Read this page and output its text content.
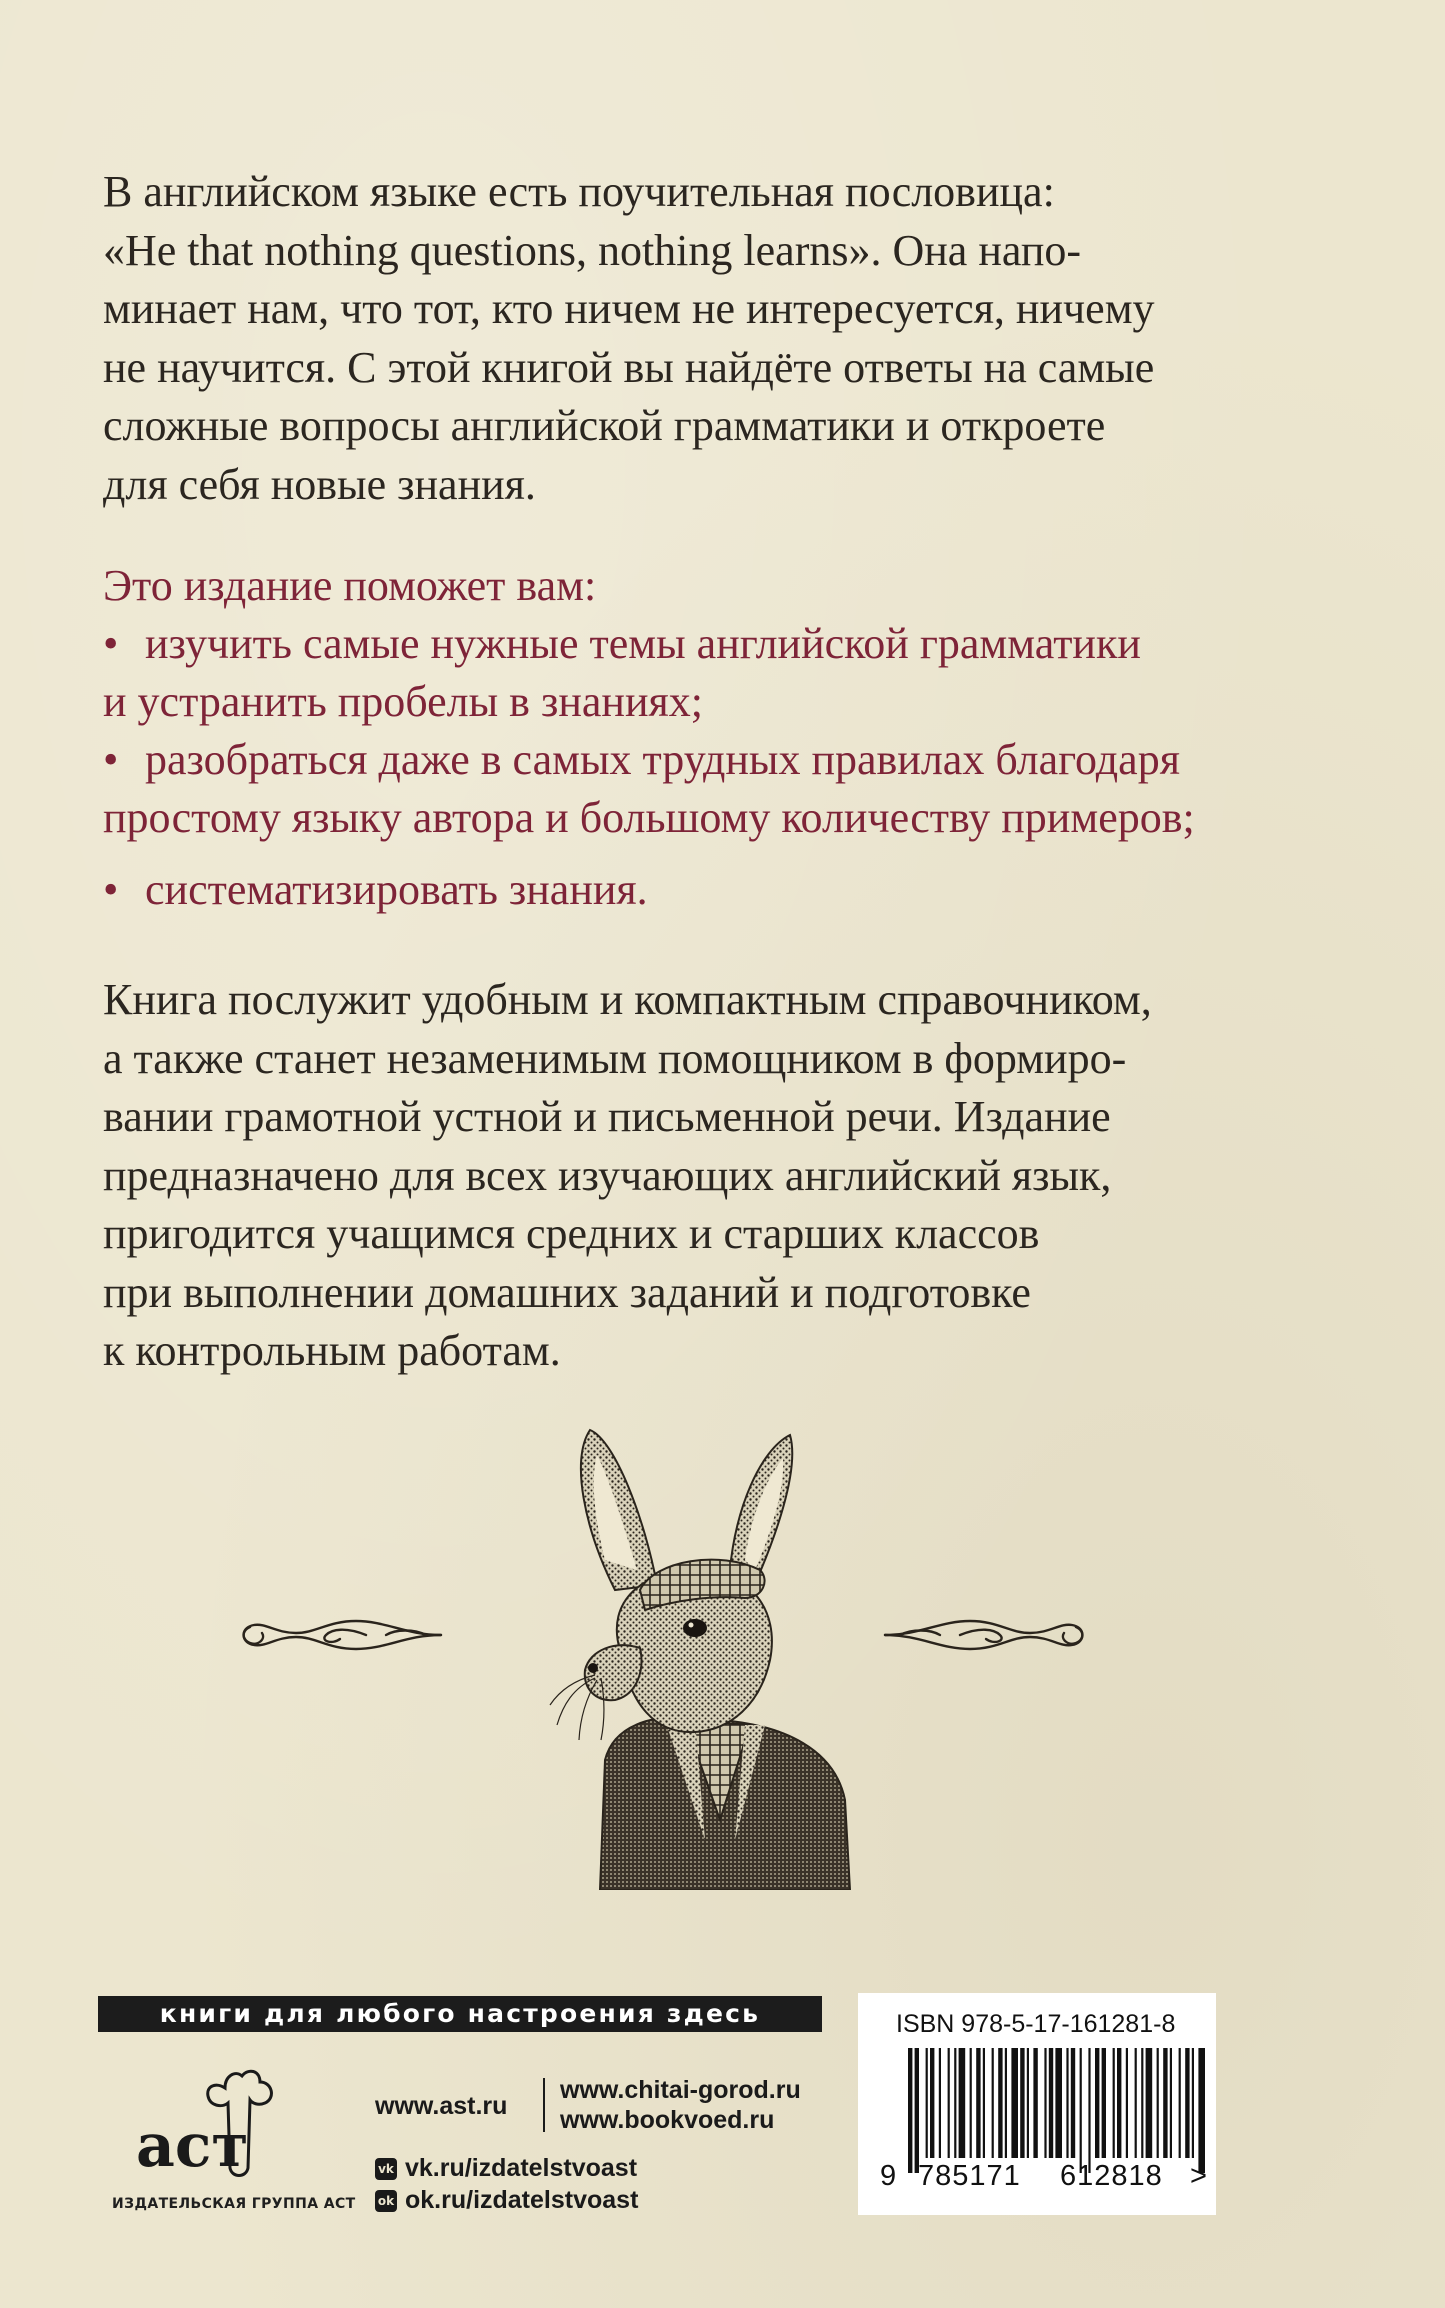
В английском языке есть поучительная пословица:
«He that nothing questions, nothing learns». Она напо-
минает нам, что тот, кто ничем не интересуется, ничему
не научится. С этой книгой вы найдёте ответы на самые
сложные вопросы английской грамматики и откроете
для себя новые знания.

Это издание поможет вам:
• изучить самые нужные темы английской грамматики
и устранить пробелы в знаниях;
• разобраться даже в самых трудных правилах благодаря
простому языку автора и большому количеству примеров;
• систематизировать знания.

Книга послужит удобным и компактным справочником,
а также станет незаменимым помощником в формиро-
вании грамотной устной и письменной речи. Издание
предназначено для всех изучающих английский язык,
пригодится учащимся средних и старших классов
при выполнении домашних заданий и подготовке
к контрольным работам.

книги для любого настроения здесь
аст
ИЗДАТЕЛЬСКАЯ ГРУППА АСТ
www.ast.ru
www.chitai-gorod.ru
www.bookvoed.ru
vk vk.ru/izdatelstvoast
ok ok.ru/izdatelstvoast
ISBN 978-5-17-161281-8
9 785171 612818 >
